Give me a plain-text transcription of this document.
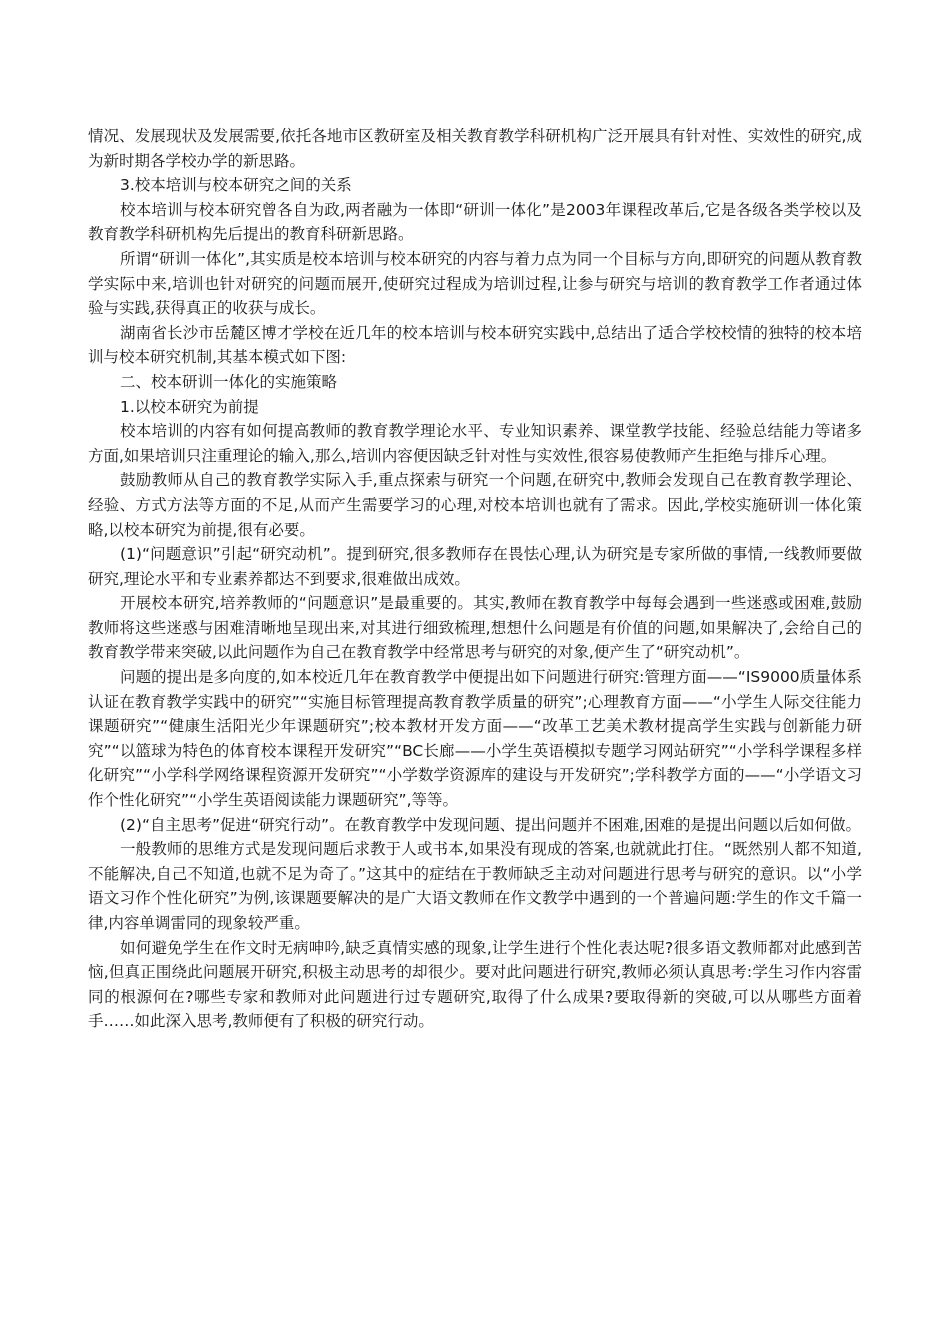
情况、发展现状及发展需要,依托各地市区教研室及相关教育教学科研机构广泛开展具有针对性、实效性的研究,成为新时期各学校办学的新思路。

3.校本培训与校本研究之间的关系

校本培训与校本研究曾各自为政,两者融为一体即“研训一体化”是2003年课程改革后,它是各级各类学校以及教育教学科研机构先后提出的教育科研新思路。

所谓“研训一体化”,其实质是校本培训与校本研究的内容与着力点为同一个目标与方向,即研究的问题从教育教学实际中来,培训也针对研究的问题而展开,使研究过程成为培训过程,让参与研究与培训的教育教学工作者通过体验与实践,获得真正的收获与成长。

湖南省长沙市岳麓区博才学校在近几年的校本培训与校本研究实践中,总结出了适合学校校情的独特的校本培训与校本研究机制,其基本模式如下图:

二、校本研训一体化的实施策略

1.以校本研究为前提

校本培训的内容有如何提高教师的教育教学理论水平、专业知识素养、课堂教学技能、经验总结能力等诸多方面,如果培训只注重理论的输入,那么,培训内容便因缺乏针对性与实效性,很容易使教师产生拒绝与排斥心理。

鼓励教师从自己的教育教学实际入手,重点探索与研究一个问题,在研究中,教师会发现自己在教育教学理论、经验、方式方法等方面的不足,从而产生需要学习的心理,对校本培训也就有了需求。因此,学校实施研训一体化策略,以校本研究为前提,很有必要。

(1)“问题意识”引起“研究动机”。提到研究,很多教师存在畏怯心理,认为研究是专家所做的事情,一线教师要做研究,理论水平和专业素养都达不到要求,很难做出成效。

开展校本研究,培养教师的“问题意识”是最重要的。其实,教师在教育教学中每每会遇到一些迷惑或困难,鼓励教师将这些迷惑与困难清晰地呈现出来,对其进行细致梳理,想想什么问题是有价值的问题,如果解决了,会给自己的教育教学带来突破,以此问题作为自己在教育教学中经常思考与研究的对象,便产生了“研究动机”。

问题的提出是多向度的,如本校近几年在教育教学中便提出如下问题进行研究:管理方面——“IS9000质量体系认证在教育教学实践中的研究”“实施目标管理提高教育教学质量的研究”;心理教育方面——“小学生人际交往能力课题研究”“健康生活阳光少年课题研究”;校本教材开发方面——“改革工艺美术教材提高学生实践与创新能力研究”“以篮球为特色的体育校本课程开发研究”“BC长廊——小学生英语模拟专题学习网站研究”“小学科学课程多样化研究”“小学科学网络课程资源开发研究”“小学数学资源库的建设与开发研究”;学科教学方面的——“小学语文习作个性化研究”“小学生英语阅读能力课题研究”,等等。

(2)“自主思考”促进“研究行动”。在教育教学中发现问题、提出问题并不困难,困难的是提出问题以后如何做。

一般教师的思维方式是发现问题后求教于人或书本,如果没有现成的答案,也就就此打住。“既然别人都不知道,不能解决,自己不知道,也就不足为奇了。”这其中的症结在于教师缺乏主动对问题进行思考与研究的意识。以“小学语文习作个性化研究”为例,该课题要解决的是广大语文教师在作文教学中遇到的一个普遍问题:学生的作文千篇一律,内容单调雷同的现象较严重。

如何避免学生在作文时无病呻吟,缺乏真情实感的现象,让学生进行个性化表达呢?很多语文教师都对此感到苦恼,但真正围绕此问题展开研究,积极主动思考的却很少。要对此问题进行研究,教师必须认真思考:学生习作内容雷同的根源何在?哪些专家和教师对此问题进行过专题研究,取得了什么成果?要取得新的突破,可以从哪些方面着手……如此深入思考,教师便有了积极的研究行动。
